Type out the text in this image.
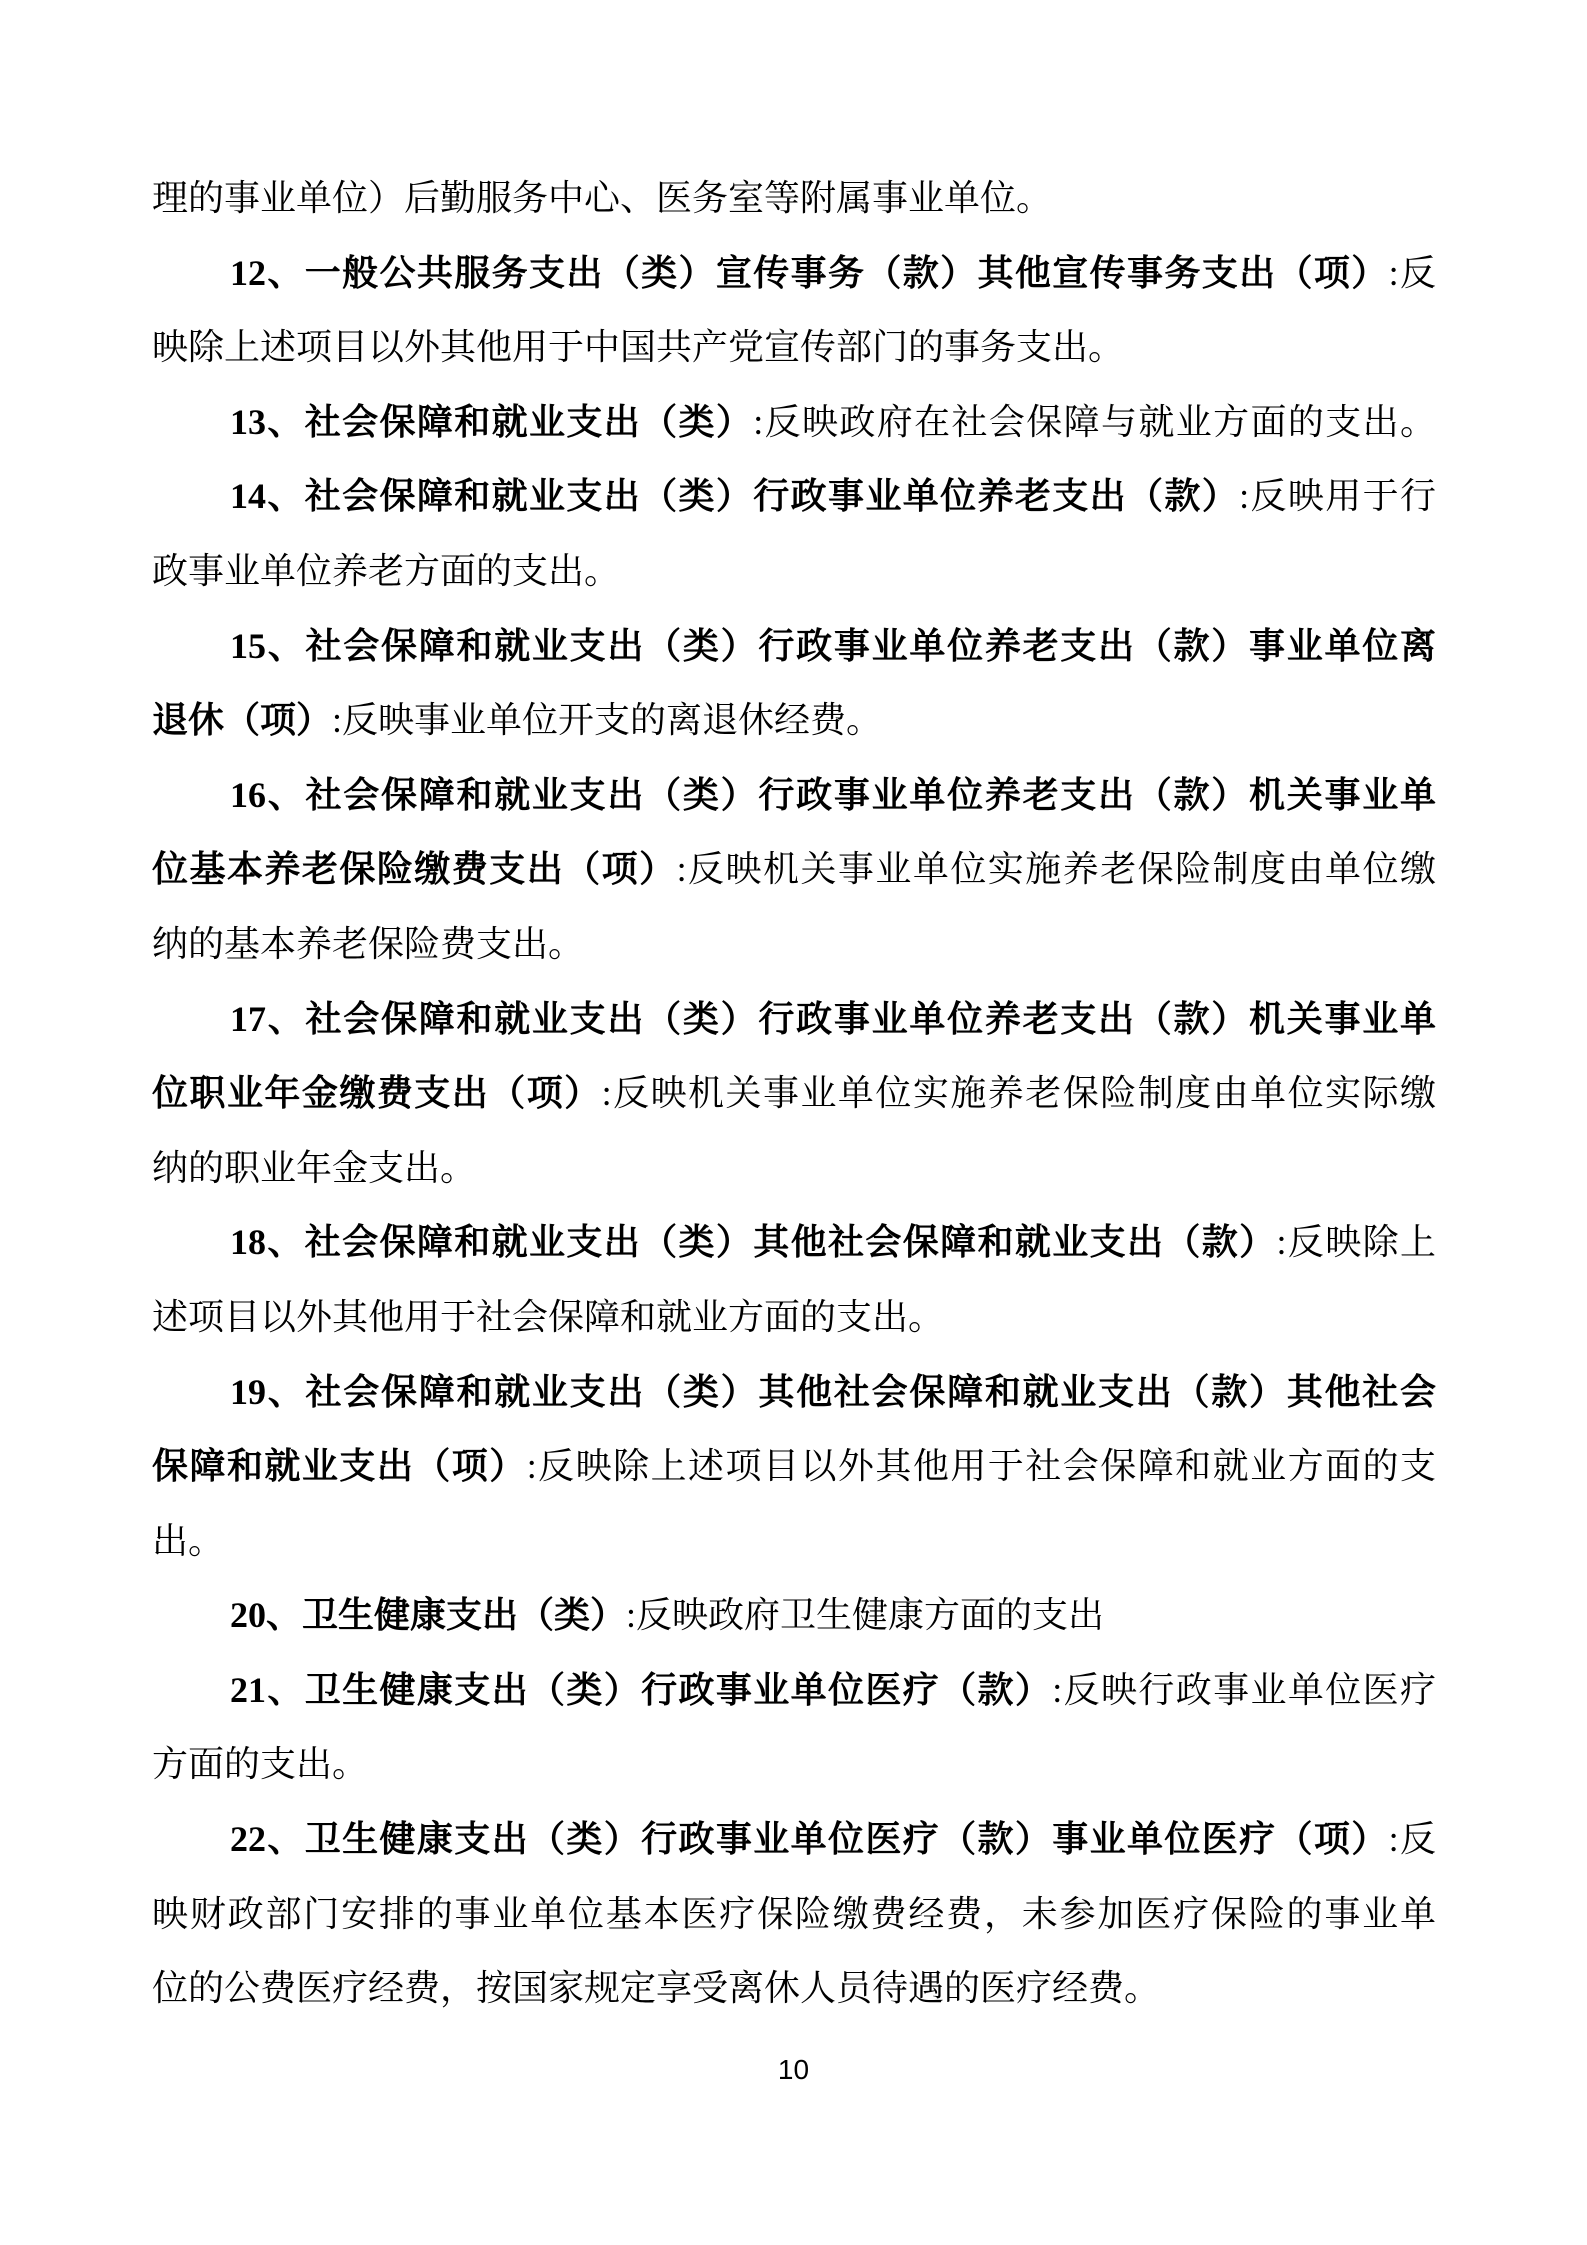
理的事业单位）后勤服务中心、医务室等附属事业单位。
12、一般公共服务支出（类）宣传事务（款）其他宣传事务支出（项）:反
映除上述项目以外其他用于中国共产党宣传部门的事务支出。
13、社会保障和就业支出（类）:反映政府在社会保障与就业方面的支出。
14、社会保障和就业支出（类）行政事业单位养老支出（款）:反映用于行
政事业单位养老方面的支出。
15、社会保障和就业支出（类）行政事业单位养老支出（款）事业单位离
退休（项）:反映事业单位开支的离退休经费。
16、社会保障和就业支出（类）行政事业单位养老支出（款）机关事业单
位基本养老保险缴费支出（项）:反映机关事业单位实施养老保险制度由单位缴
纳的基本养老保险费支出。
17、社会保障和就业支出（类）行政事业单位养老支出（款）机关事业单
位职业年金缴费支出（项）:反映机关事业单位实施养老保险制度由单位实际缴
纳的职业年金支出。
18、社会保障和就业支出（类）其他社会保障和就业支出（款）:反映除上
述项目以外其他用于社会保障和就业方面的支出。
19、社会保障和就业支出（类）其他社会保障和就业支出（款）其他社会
保障和就业支出（项）:反映除上述项目以外其他用于社会保障和就业方面的支
出。
20、卫生健康支出（类）:反映政府卫生健康方面的支出
21、卫生健康支出（类）行政事业单位医疗（款）:反映行政事业单位医疗
方面的支出。
22、卫生健康支出（类）行政事业单位医疗（款）事业单位医疗（项）:反
映财政部门安排的事业单位基本医疗保险缴费经费，未参加医疗保险的事业单
位的公费医疗经费，按国家规定享受离休人员待遇的医疗经费。
10
